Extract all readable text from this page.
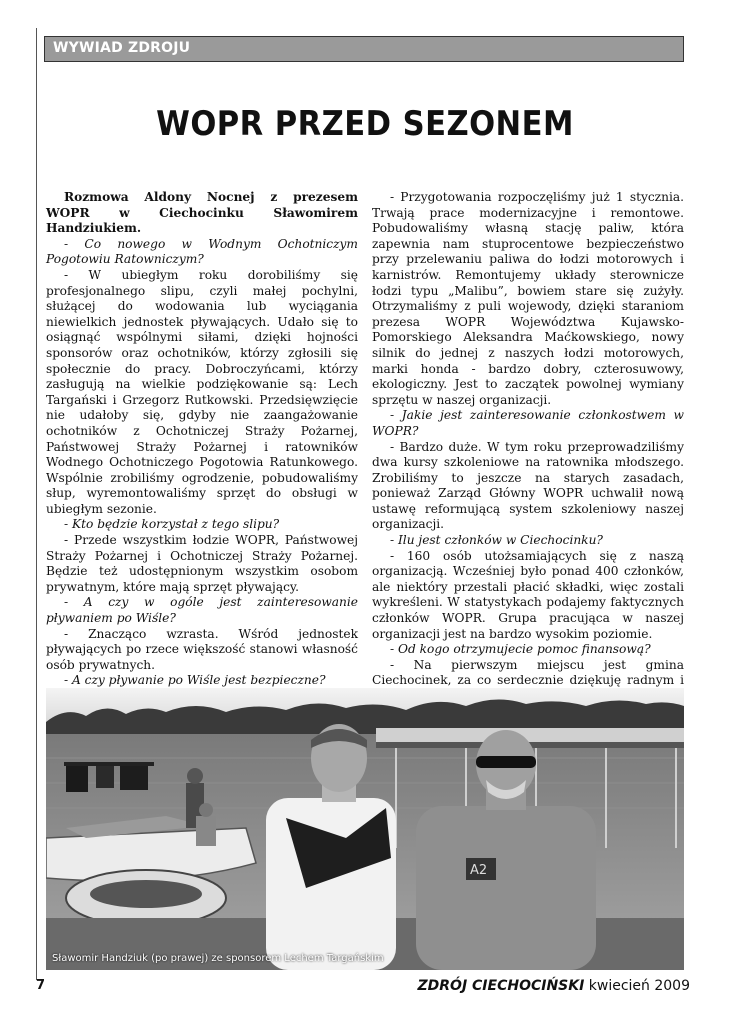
WYWIAD ZDROJU
WOPR PRZED SEZONEM

Rozmowa Aldony Nocnej z prezesem WOPR w Ciechocinku Sławomirem Handziukiem.

- Co nowego w Wodnym Ochotniczym Pogotowiu Ratowniczym?

- W ubiegłym roku dorobiliśmy się profesjonalnego slipu, czyli małej pochylni, służącej do wodowania lub wyciągania niewielkich jednostek pływających. Udało się to osiągnąć wspólnymi siłami, dzięki hojności sponsorów oraz ochotników, którzy zgłosili się społecznie do pracy. Dobroczyńcami, którzy zasługują na wielkie podziękowanie są: Lech Targański i Grzegorz Rutkowski. Przedsięwzięcie nie udałoby się, gdyby nie zaangażowanie ochotników z Ochotniczej Straży Pożarnej, Państwowej Straży Pożarnej i ratowników Wodnego Ochotniczego Pogotowia Ratunkowego. Wspólnie zrobiliśmy ogrodzenie, pobudowaliśmy słup, wyremontowaliśmy sprzęt do obsługi w ubiegłym sezonie.

- Kto będzie korzystał z tego slipu?

- Przede wszystkim łodzie WOPR, Państwowej Straży Pożarnej i Ochotniczej Straży Pożarnej. Będzie też udostępnionym wszystkim osobom prywatnym, które mają sprzęt pływający.

- A czy w ogóle jest zainteresowanie pływaniem po Wiśle?

- Znacząco wzrasta. Wśród jednostek pływających po rzece większość stanowi własność osób prywatnych.

- A czy pływanie po Wiśle jest bezpieczne?

- Przygotowania rozpoczęliśmy już 1 stycznia. Trwają prace modernizacyjne i remontowe. Pobudowaliśmy własną stację paliw, która zapewnia nam stuprocentowe bezpieczeństwo przy przelewaniu paliwa do łodzi motorowych i karnistrów. Remontujemy układy sterownicze łodzi typu „Malibu”, bowiem stare się zużyły. Otrzymaliśmy z puli wojewody, dzięki staraniom prezesa WOPR Województwa Kujawsko-Pomorskiego Aleksandra Maćkowskiego, nowy silnik do jednej z naszych łodzi motorowych, marki honda - bardzo dobry, czterosuwowy, ekologiczny. Jest to zaczątek powolnej wymiany sprzętu w naszej organizacji.

- Jakie jest zainteresowanie członkostwem w WOPR?

- Bardzo duże. W tym roku przeprowadziliśmy dwa kursy szkoleniowe na ratownika młodszego. Zrobiliśmy to jeszcze na starych zasadach, ponieważ Zarząd Główny WOPR uchwalił nową ustawę reformującą system szkoleniowy naszej organizacji.

- Ilu jest członków w Ciechocinku?

- 160 osób utożsamiających się z naszą organizacją. Wcześniej było ponad 400 członków, ale niektóry przestali płacić składki, więc zostali wykreśleni. W statystykach podajemy faktycznych członków WOPR. Grupa pracująca w naszej organizacji jest na bardzo wysokim poziomie.

- Od kogo otrzymujecie pomoc finansową?

- Na pierwszym miejscu jest gmina Ciechocinek, za co serdecznie dziękuję radnym i

A2
Sławomir Handziuk (po prawej) ze sponsorem Lechem Targańskim
7	ZDRÓJ CIECHOCIŃSKI kwiecień 2009
